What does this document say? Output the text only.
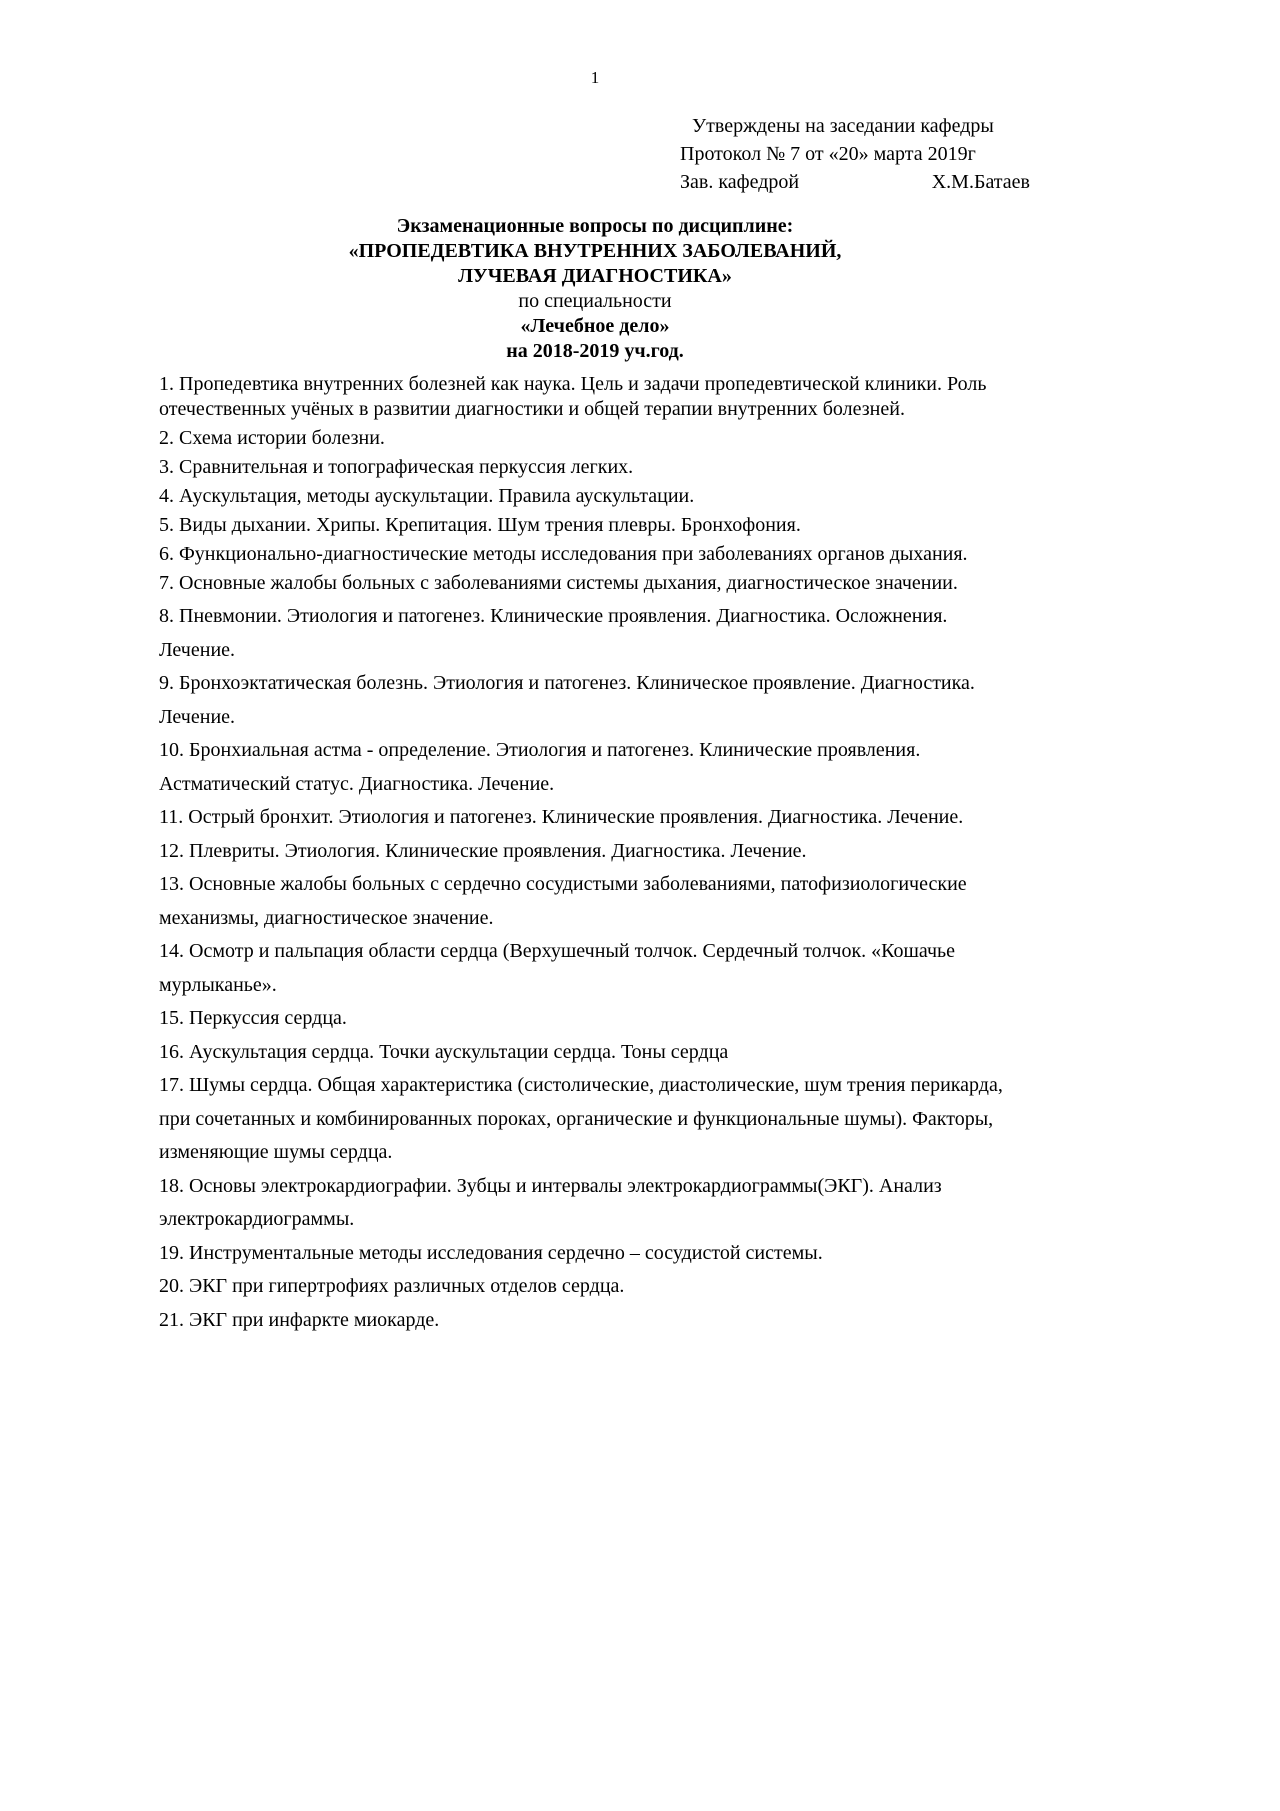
1
Утверждены на заседании кафедры
Протокол № 7 от «20» марта 2019г
Зав. кафедрой	Х.М.Батаев
Экзаменационные вопросы по дисциплине:
«ПРОПЕДЕВТИКА ВНУТРЕННИХ ЗАБОЛЕВАНИЙ,
ЛУЧЕВАЯ ДИАГНОСТИКА»
по специальности
«Лечебное дело»
на 2018-2019 уч.год.

1. Пропедевтика внутренних болезней как наука. Цель и задачи пропедевтической клиники. Роль отечественных учёных в развитии диагностики и общей терапии внутренних болезней.

2. Схема истории болезни.

3. Сравнительная и топографическая перкуссия легких.

4. Аускультация, методы аускультации. Правила аускультации.

5. Виды дыхании. Хрипы. Крепитация. Шум трения плевры. Бронхофония.

6. Функционально-диагностические методы исследования при заболеваниях органов дыхания.

7. Основные жалобы больных с заболеваниями системы дыхания, диагностическое значении.

8. Пневмонии. Этиология и патогенез. Клинические проявления. Диагностика. Осложнения. Лечение.

9. Бронхоэктатическая болезнь. Этиология и патогенез. Клиническое проявление. Диагностика. Лечение.

10. Бронхиальная астма - определение. Этиология и патогенез. Клинические проявления. Астматический статус. Диагностика. Лечение.

11. Острый бронхит. Этиология и патогенез. Клинические проявления. Диагностика. Лечение.

12. Плевриты. Этиология. Клинические проявления. Диагностика. Лечение.

13. Основные жалобы больных с сердечно сосудистыми заболеваниями, патофизиологические механизмы, диагностическое значение.

14. Осмотр и пальпация области сердца (Верхушечный толчок. Сердечный толчок. «Кошачье мурлыканье».

15. Перкуссия сердца.

16. Аускультация сердца. Точки аускультации сердца. Тоны сердца

17. Шумы сердца. Общая характеристика (систолические, диастолические, шум трения перикарда, при сочетанных и комбинированных пороках, органические и функциональные шумы). Факторы, изменяющие шумы сердца.

18. Основы электрокардиографии. Зубцы и интервалы электрокардиограммы(ЭКГ). Анализ электрокардиограммы.

19. Инструментальные методы исследования сердечно – сосудистой системы.

20. ЭКГ при гипертрофиях различных отделов сердца.

21. ЭКГ при инфаркте миокарде.
